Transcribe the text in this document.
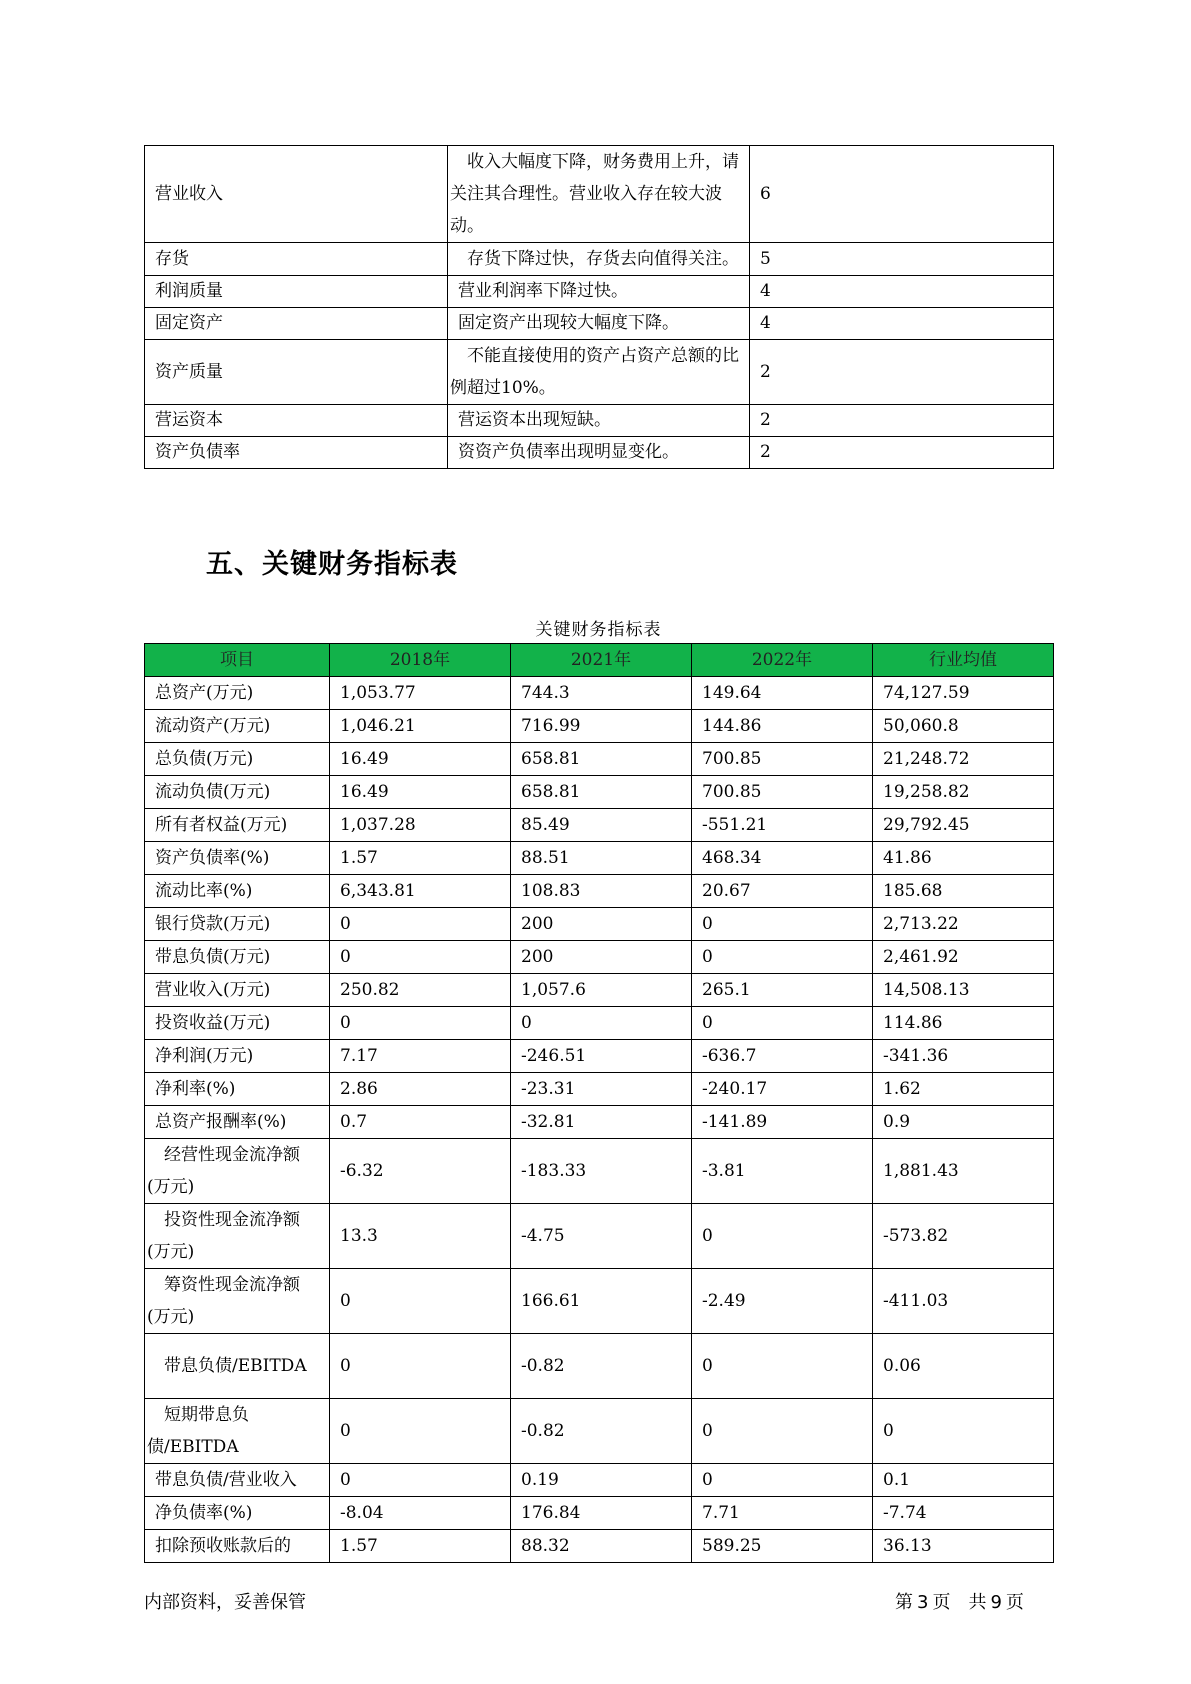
营业收入	收入大幅度下降，财务费用上升，请关注其合理性。营业收入存在较大波动。	6
存货	存货下降过快，存货去向值得关注。	5
利润质量	营业利润率下降过快。	4
固定资产	固定资产出现较大幅度下降。	4
资产质量	不能直接使用的资产占资产总额的比例超过10%。	2
营运资本	营运资本出现短缺。	2
资产负债率	资资产负债率出现明显变化。	2
五、关键财务指标表
关键财务指标表
项目	2018年	2021年	2022年	行业均值
总资产(万元)	1,053.77	744.3	149.64	74,127.59
流动资产(万元)	1,046.21	716.99	144.86	50,060.8
总负债(万元)	16.49	658.81	700.85	21,248.72
流动负债(万元)	16.49	658.81	700.85	19,258.82
所有者权益(万元)	1,037.28	85.49	-551.21	29,792.45
资产负债率(%)	1.57	88.51	468.34	41.86
流动比率(%)	6,343.81	108.83	20.67	185.68
银行贷款(万元)	0	200	0	2,713.22
带息负债(万元)	0	200	0	2,461.92
营业收入(万元)	250.82	1,057.6	265.1	14,508.13
投资收益(万元)	0	0	0	114.86
净利润(万元)	7.17	-246.51	-636.7	-341.36
净利率(%)	2.86	-23.31	-240.17	1.62
总资产报酬率(%)	0.7	-32.81	-141.89	0.9
经营性现金流净额(万元)	-6.32	-183.33	-3.81	1,881.43
投资性现金流净额(万元)	13.3	-4.75	0	-573.82
筹资性现金流净额(万元)	0	166.61	-2.49	-411.03
带息负债/EBITDA	0	-0.82	0	0.06
短期带息负债/EBITDA	0	-0.82	0	0
带息负债/营业收入	0	0.19	0	0.1
净负债率(%)	-8.04	176.84	7.71	-7.74
扣除预收账款后的	1.57	88.32	589.25	36.13
内部资料，妥善保管	第 3 页　共 9 页
